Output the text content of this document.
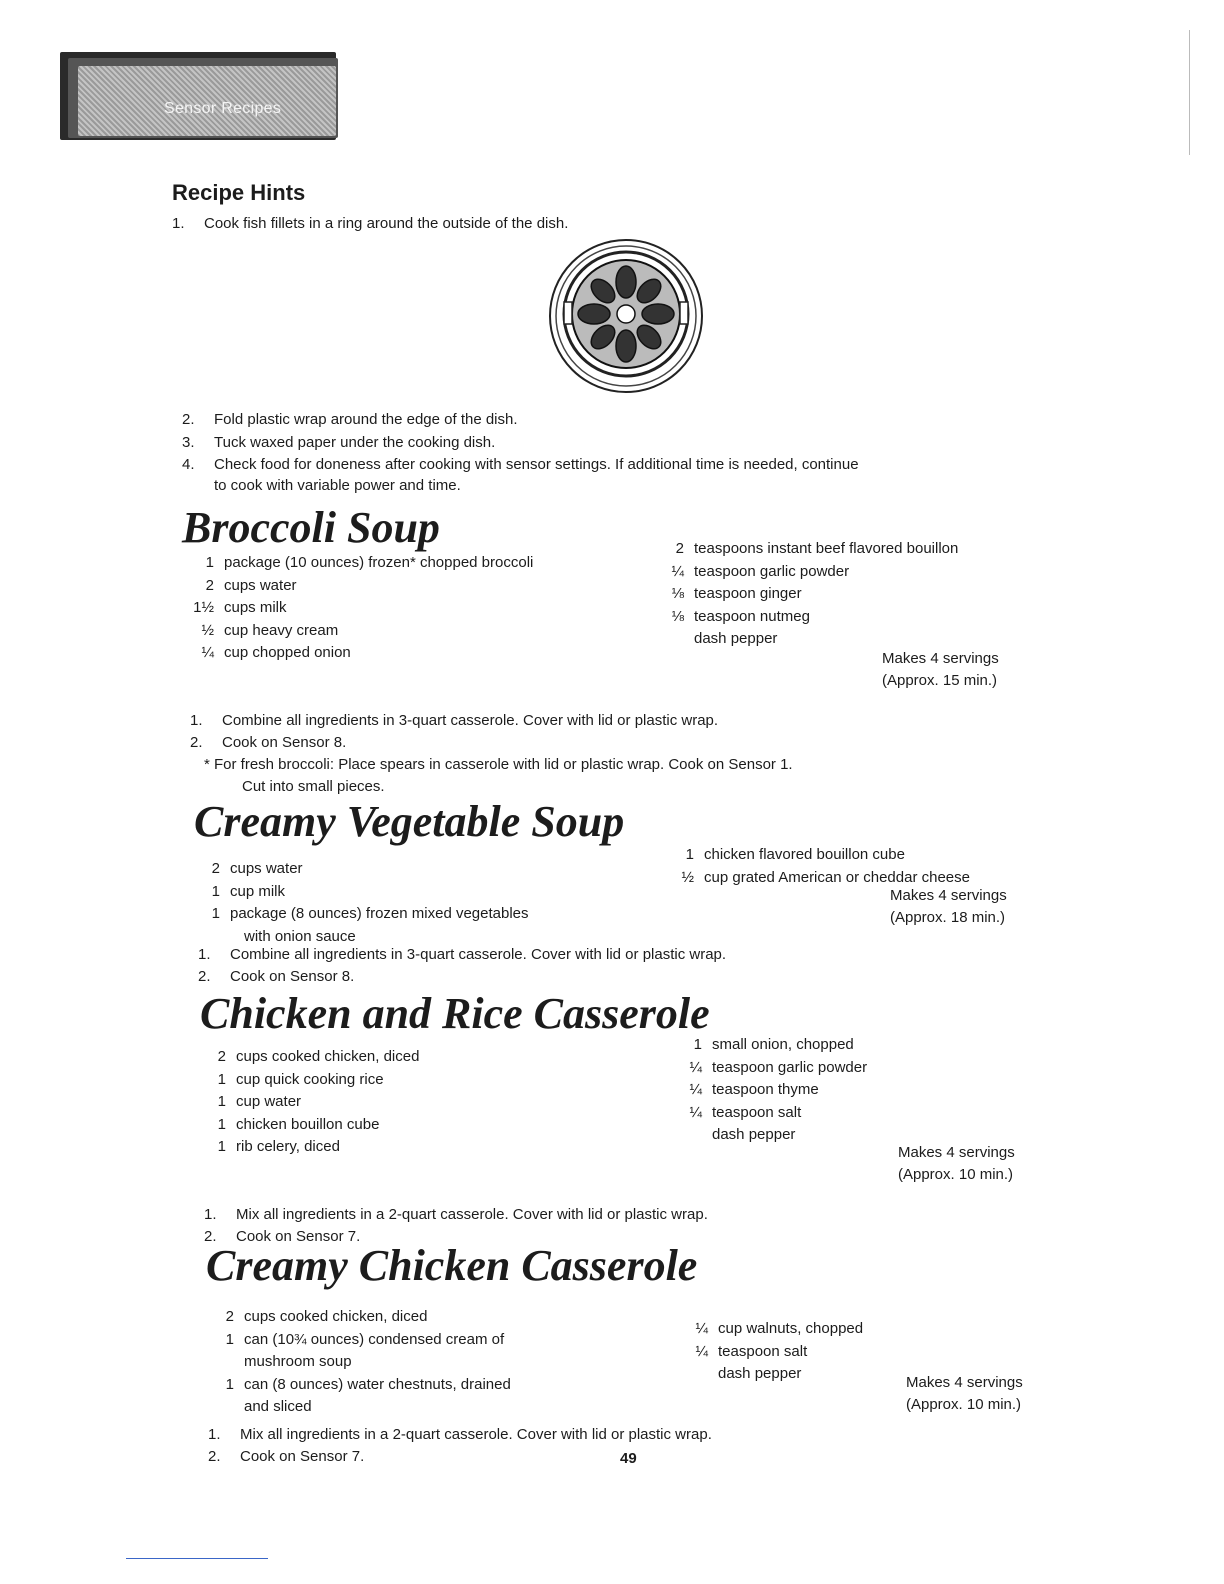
Sensor Recipes
Recipe Hints
1. Cook fish fillets in a ring around the outside of the dish.
2. Fold plastic wrap around the edge of the dish.
3. Tuck waxed paper under the cooking dish.
4. Check food for doneness after cooking with sensor settings. If additional time is needed, continue
to cook with variable power and time.
Broccoli Soup
1 package (10 ounces) frozen* chopped broccoli
2 cups water
1½ cups milk
½ cup heavy cream
¼ cup chopped onion
2 teaspoons instant beef flavored bouillon
¼ teaspoon garlic powder
⅛ teaspoon ginger
⅛ teaspoon nutmeg
dash pepper
Makes 4 servings
(Approx. 15 min.)
1. Combine all ingredients in 3-quart casserole. Cover with lid or plastic wrap.
2. Cook on Sensor 8.
* For fresh broccoli: Place spears in casserole with lid or plastic wrap. Cook on Sensor 1.
Cut into small pieces.
Creamy Vegetable Soup
2 cups water
1 cup milk
1 package (8 ounces) frozen mixed vegetables
with onion sauce
1 chicken flavored bouillon cube
½ cup grated American or cheddar cheese
Makes 4 servings
(Approx. 18 min.)
1. Combine all ingredients in 3-quart casserole. Cover with lid or plastic wrap.
2. Cook on Sensor 8.
Chicken and Rice Casserole
2 cups cooked chicken, diced
1 cup quick cooking rice
1 cup water
1 chicken bouillon cube
1 rib celery, diced
1 small onion, chopped
¼ teaspoon garlic powder
¼ teaspoon thyme
¼ teaspoon salt
dash pepper
Makes 4 servings
(Approx. 10 min.)
1. Mix all ingredients in a 2-quart casserole. Cover with lid or plastic wrap.
2. Cook on Sensor 7.
Creamy Chicken Casserole
2 cups cooked chicken, diced
1 can (10¾ ounces) condensed cream of
mushroom soup
1 can (8 ounces) water chestnuts, drained
and sliced
¼ cup walnuts, chopped
¼ teaspoon salt
dash pepper
Makes 4 servings
(Approx. 10 min.)
1. Mix all ingredients in a 2-quart casserole. Cover with lid or plastic wrap.
2. Cook on Sensor 7.	49
